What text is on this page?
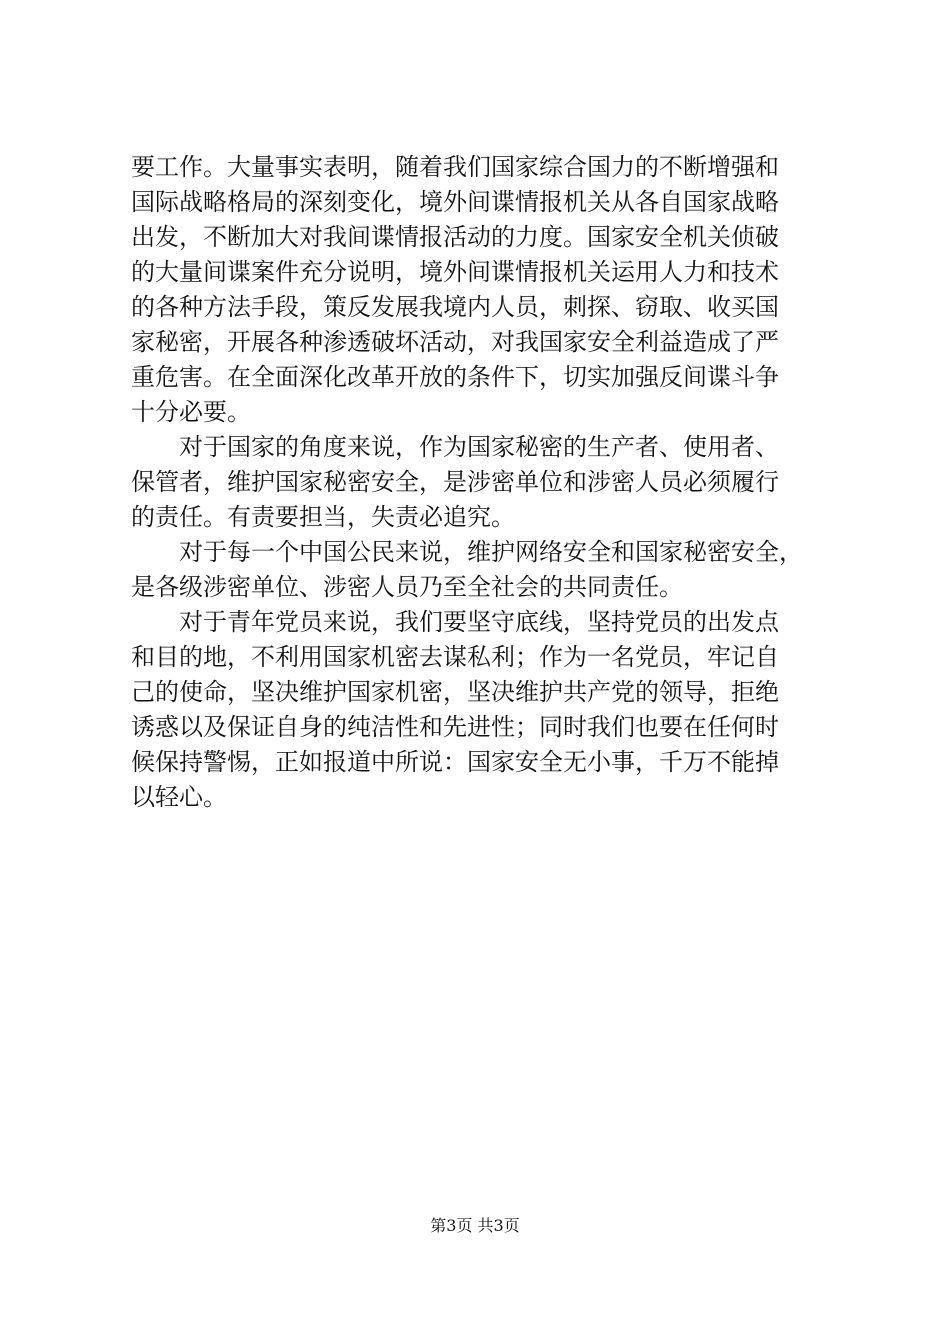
要工作。大量事实表明，随着我们国家综合国力的不断增强和
国际战略格局的深刻变化，境外间谍情报机关从各自国家战略
出发，不断加大对我间谍情报活动的力度。国家安全机关侦破
的大量间谍案件充分说明，境外间谍情报机关运用人力和技术
的各种方法手段，策反发展我境内人员，刺探、窃取、收买国
家秘密，开展各种渗透破坏活动，对我国家安全利益造成了严
重危害。在全面深化改革开放的条件下，切实加强反间谍斗争
十分必要。
　　对于国家的角度来说，作为国家秘密的生产者、使用者、
保管者，维护国家秘密安全，是涉密单位和涉密人员必须履行
的责任。有责要担当，失责必追究。
　　对于每一个中国公民来说，维护网络安全和国家秘密安全，
是各级涉密单位、涉密人员乃至全社会的共同责任。
　　对于青年党员来说，我们要坚守底线，坚持党员的出发点
和目的地，不利用国家机密去谋私利；作为一名党员，牢记自
己的使命，坚决维护国家机密，坚决维护共产党的领导，拒绝
诱惑以及保证自身的纯洁性和先进性；同时我们也要在任何时
候保持警惕，正如报道中所说：国家安全无小事，千万不能掉
以轻心。
第3页 共3页
